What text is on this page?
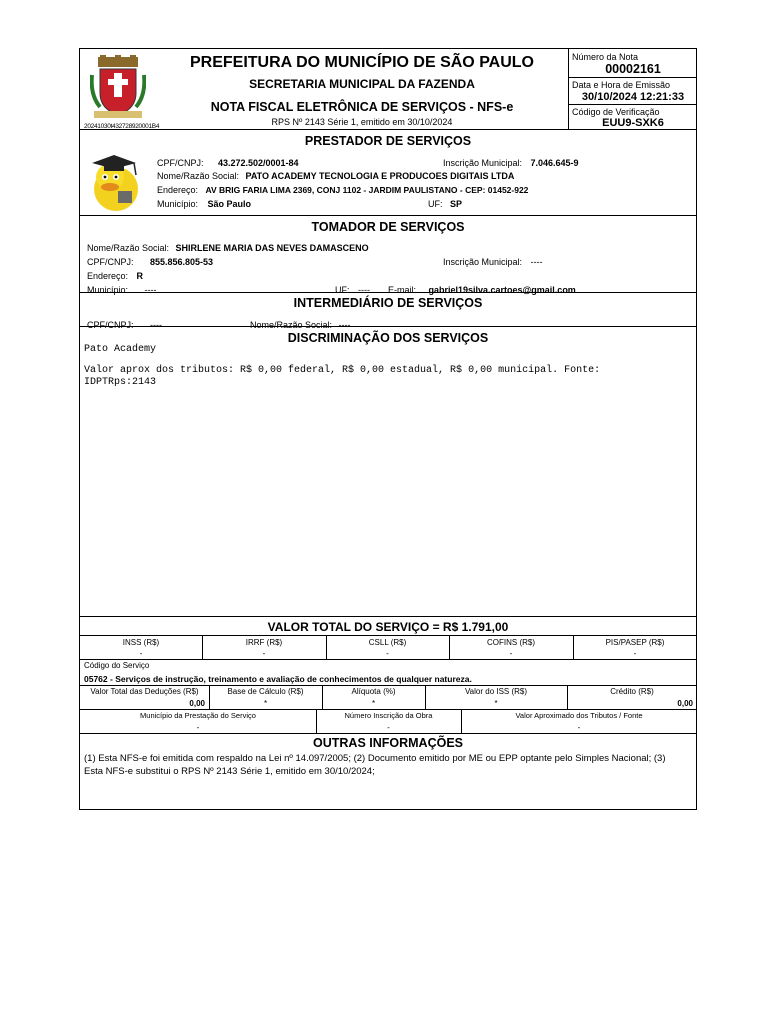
20241030t432728920001B4
PREFEITURA DO MUNICÍPIO DE SÃO PAULO
SECRETARIA MUNICIPAL DA FAZENDA
NOTA FISCAL ELETRÔNICA DE SERVIÇOS - NFS-e
RPS Nº 2143 Série 1, emitido em 30/10/2024
Número da Nota
00002161
Data e Hora de Emissão
30/10/2024 12:21:33
Código de Verificação
EUU9-SXK6
PRESTADOR DE SERVIÇOS
CPF/CNPJ: 43.272.502/0001-84	Inscrição Municipal: 7.046.645-9
Nome/Razão Social: PATO ACADEMY TECNOLOGIA E PRODUCOES DIGITAIS LTDA
Endereço: AV BRIG FARIA LIMA 2369, CONJ 1102 - JARDIM PAULISTANO - CEP: 01452-922
Município: São Paulo	UF: SP
TOMADOR DE SERVIÇOS
Nome/Razão Social: SHIRLENE MARIA DAS NEVES DAMASCENO
CPF/CNPJ: 855.856.805-53	Inscrição Municipal: ----
Endereço: R
Município: ----	UF: ---- E-mail: gabriel19silva.cartoes@gmail.com
INTERMEDIÁRIO DE SERVIÇOS
CPF/CNPJ: ----	Nome/Razão Social: ----
DISCRIMINAÇÃO DOS SERVIÇOS
Pato Academy
Valor aprox dos tributos: R$ 0,00 federal, R$ 0,00 estadual, R$ 0,00 municipal. Fonte:
IDPTRps:2143
VALOR TOTAL DO SERVIÇO = R$ 1.791,00
INSS (R$)
-
IRRF (R$)
-
CSLL (R$)
-
COFINS (R$)
-
PIS/PASEP (R$)
-
Código do Serviço
05762 - Serviços de instrução, treinamento e avaliação de conhecimentos de qualquer natureza.
Valor Total das Deduções (R$)
0,00
Base de Cálculo (R$)
*
Alíquota (%)
*
Valor do ISS (R$)
*
Crédito (R$)
0,00
Município da Prestação do Serviço
-
Número Inscrição da Obra
-
Valor Aproximado dos Tributos / Fonte
-
OUTRAS INFORMAÇÕES
(1) Esta NFS-e foi emitida com respaldo na Lei nº 14.097/2005; (2) Documento emitido por ME ou EPP optante pelo Simples Nacional; (3) Esta NFS-e substitui o RPS Nº 2143 Série 1, emitido em 30/10/2024;
